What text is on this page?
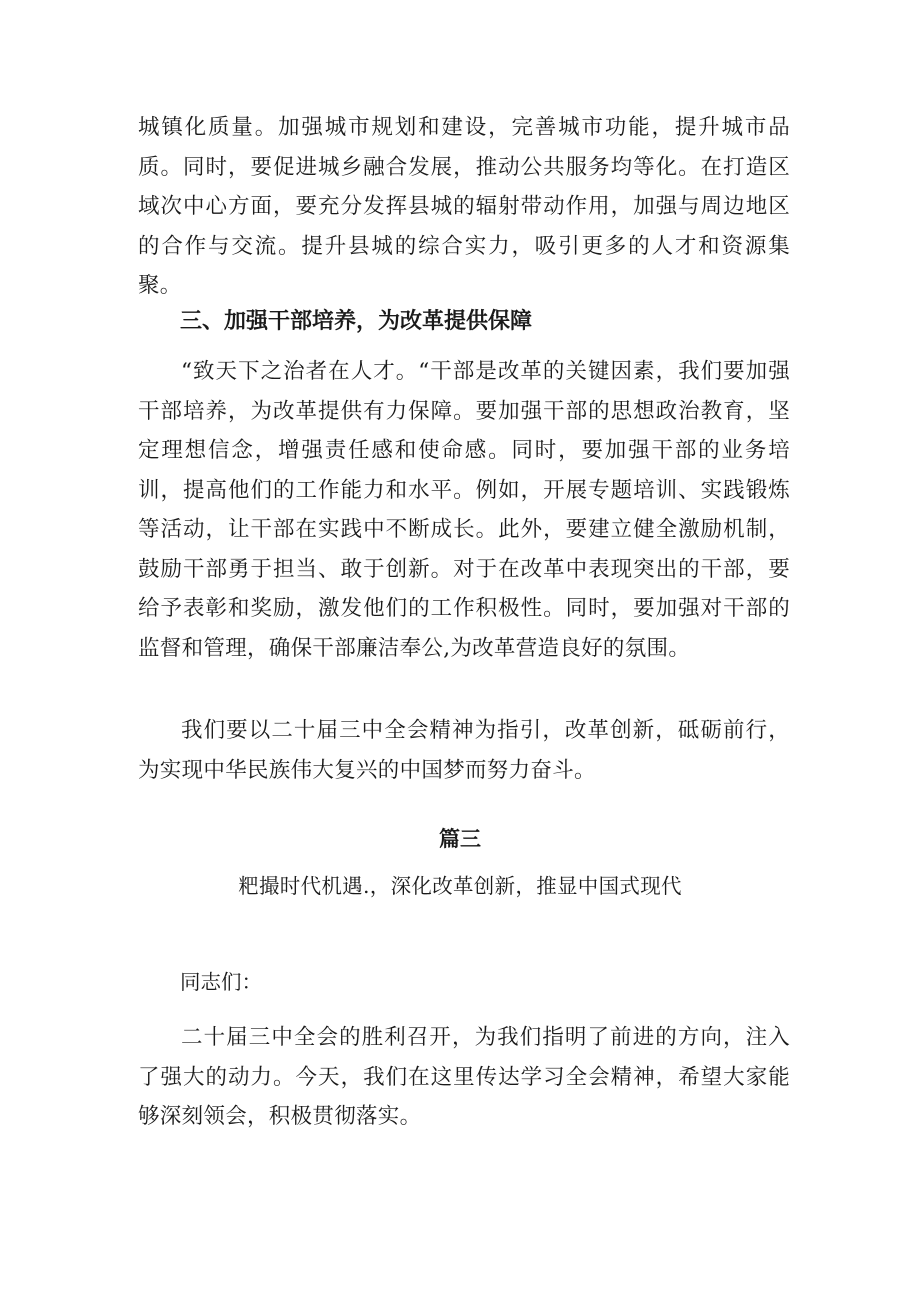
城镇化质量。加强城市规划和建设，完善城市功能，提升城市品质。同时，要促进城乡融合发展，推动公共服务均等化。在打造区域次中心方面，要充分发挥县城的辐射带动作用，加强与周边地区的合作与交流。提升县城的综合实力，吸引更多的人才和资源集聚。

三、加强干部培养，为改革提供保障

“致天下之治者在人才。“干部是改革的关键因素，我们要加强干部培养，为改革提供有力保障。要加强干部的思想政治教育，坚定理想信念，增强责任感和使命感。同时，要加强干部的业务培训，提高他们的工作能力和水平。例如，开展专题培训、实践锻炼等活动，让干部在实践中不断成长。此外，要建立健全激励机制，鼓励干部勇于担当、敢于创新。对于在改革中表现突出的干部，要给予表彰和奖励，激发他们的工作积极性。同时，要加强对干部的监督和管理，确保干部廉洁奉公,为改革营造良好的氛围。

我们要以二十届三中全会精神为指引，改革创新，砥砺前行，为实现中华民族伟大复兴的中国梦而努力奋斗。

篇三

粑撮时代机遇.，深化改革创新，推显中国式现代

同志们：

二十届三中全会的胜利召开，为我们指明了前进的方向，注入了强大的动力。今天，我们在这里传达学习全会精神，希望大家能够深刻领会，积极贯彻落实。
